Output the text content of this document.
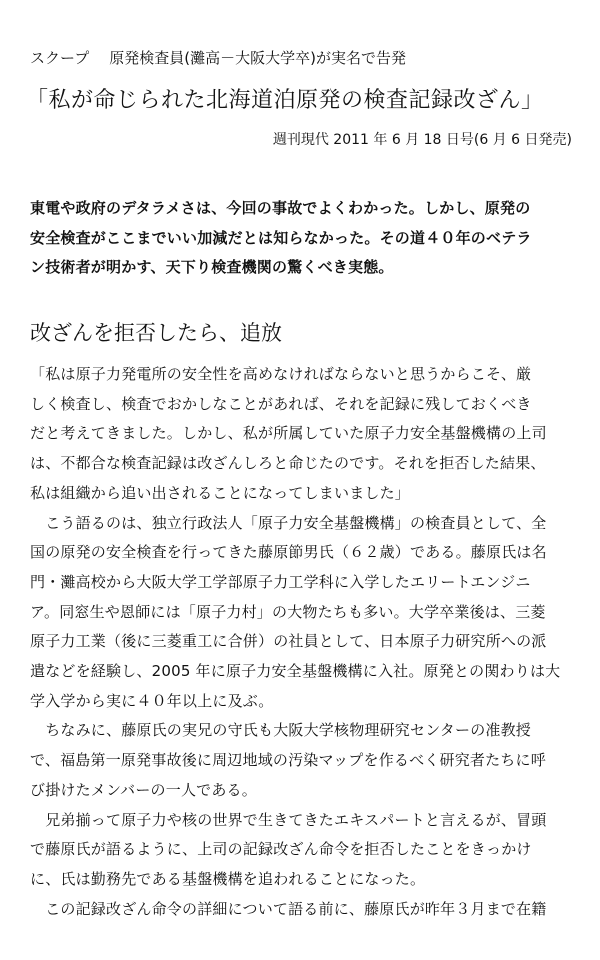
スクープ 原発検査員(灘高－大阪大学卒)が実名で告発
「私が命じられた北海道泊原発の検査記録改ざん」
週刊現代 2011 年 6 月 18 日号(6 月 6 日発売)
東電や政府のデタラメさは、今回の事故でよくわかった。しかし、原発の
安全検査がここまでいい加減だとは知らなかった。その道４０年のベテラ
ン技術者が明かす、天下り検査機関の驚くべき実態。
改ざんを拒否したら、追放
「私は原子力発電所の安全性を高めなければならないと思うからこそ、厳
しく検査し、検査でおかしなことがあれば、それを記録に残しておくべき
だと考えてきました。しかし、私が所属していた原子力安全基盤機構の上司
は、不都合な検査記録は改ざんしろと命じたのです。それを拒否した結果、
私は組織から追い出されることになってしまいました」
　こう語るのは、独立行政法人「原子力安全基盤機構」の検査員として、全
国の原発の安全検査を行ってきた藤原節男氏（６２歳）である。藤原氏は名
門・灘高校から大阪大学工学部原子力工学科に入学したエリートエンジニ
ア。同窓生や恩師には「原子力村」の大物たちも多い。大学卒業後は、三菱
原子力工業（後に三菱重工に合併）の社員として、日本原子力研究所への派
遣などを経験し、2005 年に原子力安全基盤機構に入社。原発との関わりは大
学入学から実に４０年以上に及ぶ。
　ちなみに、藤原氏の実兄の守氏も大阪大学核物理研究センターの准教授
で、福島第一原発事故後に周辺地域の汚染マップを作るべく研究者たちに呼
び掛けたメンバーの一人である。
　兄弟揃って原子力や核の世界で生きてきたエキスパートと言えるが、冒頭
で藤原氏が語るように、上司の記録改ざん命令を拒否したことをきっかけ
に、氏は勤務先である基盤機構を追われることになった。
　この記録改ざん命令の詳細について語る前に、藤原氏が昨年３月まで在籍
